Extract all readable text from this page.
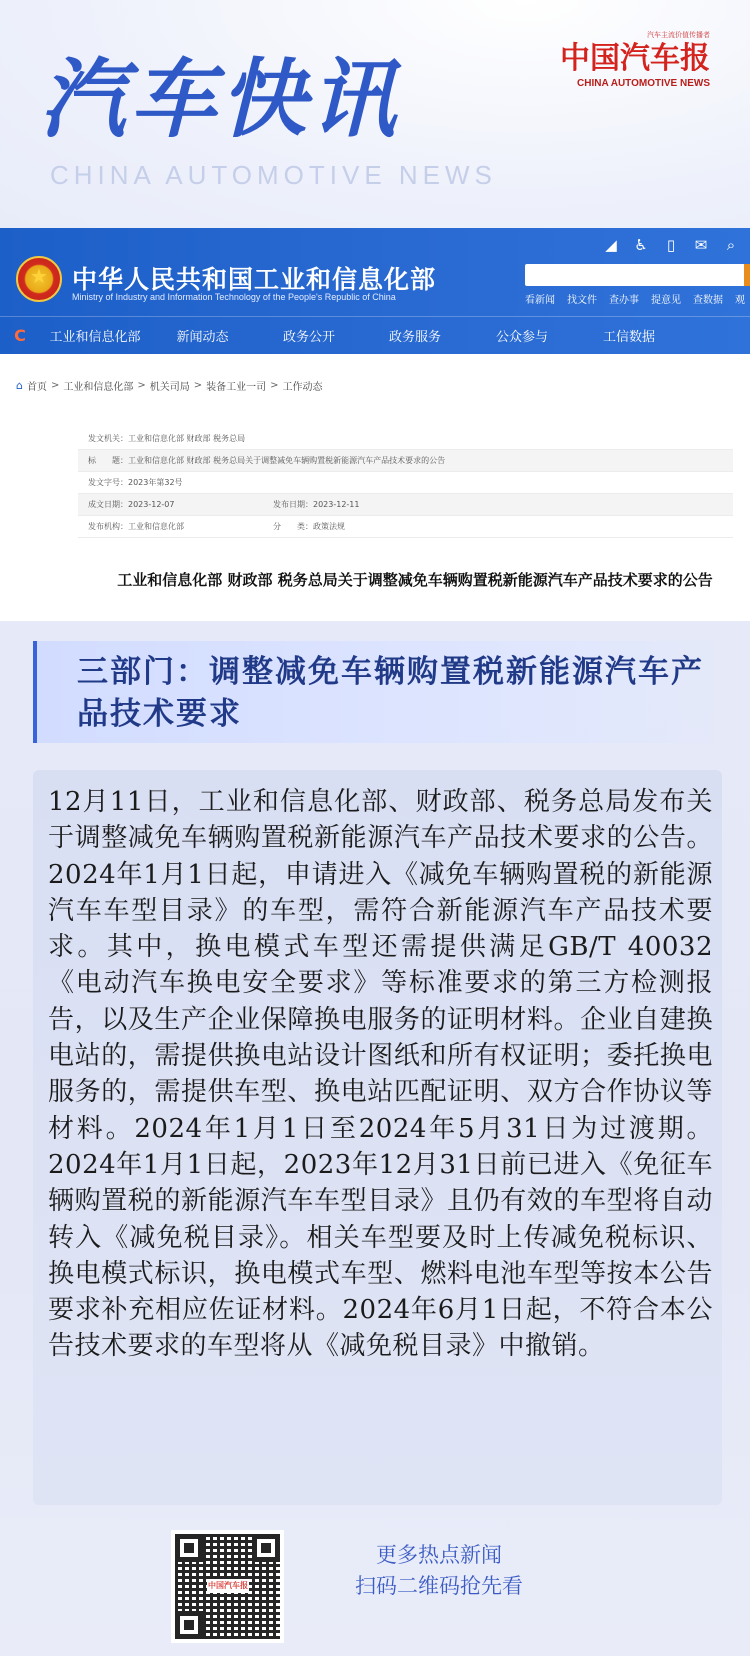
汽车快讯
CHINA AUTOMOTIVE NEWS
汽车主流价值传播者
中国汽车报
CHINA AUTOMOTIVE NEWS
★
中华人民共和国工业和信息化部
Ministry of Industry and Information Technology of the People's Republic of China
◢ ♿	▯	✉	⌕
看新闻 找文件 查办事 提意见 查数据 观
C	工业和信息化部	新闻动态	政务公开	政务服务	公众参与	工信数据
⌂ 首页 > 工业和信息化部 > 机关司局 > 装备工业一司 > 工作动态
发文机关：工业和信息化部 财政部 税务总局
标　　题：工业和信息化部 财政部 税务总局关于调整减免车辆购置税新能源汽车产品技术要求的公告
发文字号：2023年第32号
成文日期：2023-12-07	发布日期：2023-12-11
发布机构：工业和信息化部	分　　类：政策法规
工业和信息化部 财政部 税务总局关于调整减免车辆购置税新能源汽车产品技术要求的公告
三部门：调整减免车辆购置税新能源汽车产品技术要求
12月11日，工业和信息化部、财政部、税务总局发布关于调整减免车辆购置税新能源汽车产品技术要求的公告。2024年1月1日起，申请进入《减免车辆购置税的新能源汽车车型目录》的车型，需符合新能源汽车产品技术要求。其中，换电模式车型还需提供满足GB/T 40032《电动汽车换电安全要求》等标准要求的第三方检测报告，以及生产企业保障换电服务的证明材料。企业自建换电站的，需提供换电站设计图纸和所有权证明；委托换电服务的，需提供车型、换电站匹配证明、双方合作协议等材料。2024年1月1日至2024年5月31日为过渡期。2024年1月1日起，2023年12月31日前已进入《免征车辆购置税的新能源汽车车型目录》且仍有效的车型将自动转入《减免税目录》。相关车型要及时上传减免税标识、换电模式标识，换电模式车型、燃料电池车型等按本公告要求补充相应佐证材料。2024年6月1日起，不符合本公告技术要求的车型将从《减免税目录》中撤销。
中国汽车报
更多热点新闻
扫码二维码抢先看
